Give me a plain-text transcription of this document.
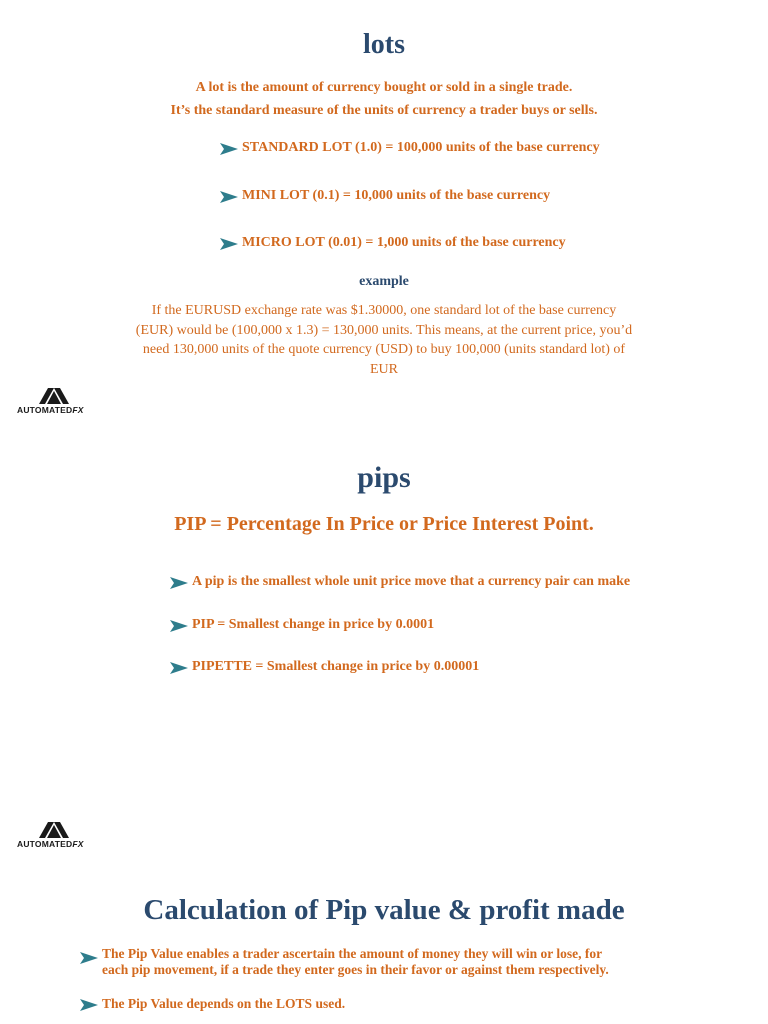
lots
A lot is the amount of currency bought or sold in a single trade.
It’s the standard measure of the units of currency a trader buys or sells.
STANDARD LOT (1.0) = 100,000 units of the base currency
MINI LOT (0.1) = 10,000 units of the base currency
MICRO LOT (0.01) = 1,000 units of the base currency
example
If the EURUSD exchange rate was $1.30000, one standard lot of the base currency
(EUR) would be (100,000 x 1.3) = 130,000 units. This means, at the current price, you’d
need 130,000 units of the quote currency (USD) to buy 100,000 (units standard lot) of
EUR
AUTOMATEDFX
pips
PIP = Percentage In Price or Price Interest Point.
A pip is the smallest whole unit price move that a currency pair can make
PIP = Smallest change in price by 0.0001
PIPETTE = Smallest change in price by 0.00001
AUTOMATEDFX
Calculation of Pip value & profit made
The Pip Value enables a trader ascertain the amount of money they will win or lose, for
each pip movement, if a trade they enter goes in their favor or against them respectively.
The Pip Value depends on the LOTS used.
